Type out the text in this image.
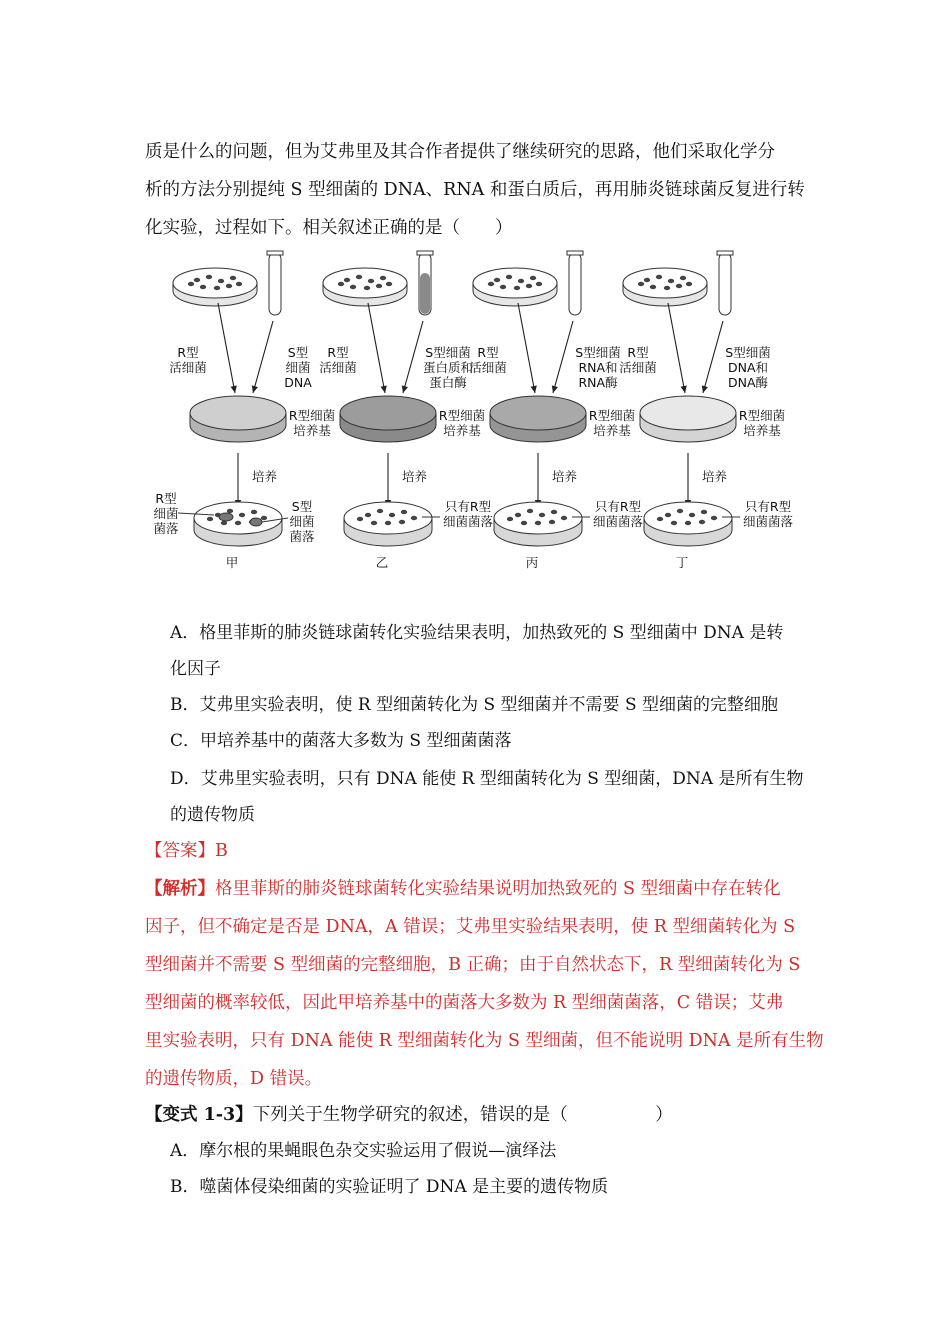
质是什么的问题，但为艾弗里及其合作者提供了继续研究的思路，他们采取化学分
析的方法分别提纯 S 型细菌的 DNA、RNA 和蛋白质后，再用肺炎链球菌反复进行转
化实验，过程如下。相关叙述正确的是（　　）
R型活细菌
S型细菌 DNA
R型细菌培养基
培养
R型细菌菌落
S型细菌菌落
甲
R型活细菌
S型细菌蛋白质和蛋白酶
R型细菌培养基
培养
只有R型细菌菌落
乙
R型活细菌
S型细菌 RNA和 RNA酶
R型细菌培养基
培养
只有R型细菌菌落
丙
R型活细菌
S型细菌 DNA和 DNA酶
R型细菌培养基
培养
只有R型细菌菌落
丁
A．格里菲斯的肺炎链球菌转化实验结果表明，加热致死的 S 型细菌中 DNA 是转
化因子
B．艾弗里实验表明，使 R 型细菌转化为 S 型细菌并不需要 S 型细菌的完整细胞
C．甲培养基中的菌落大多数为 S 型细菌菌落
D．艾弗里实验表明，只有 DNA 能使 R 型细菌转化为 S 型细菌，DNA 是所有生物
的遗传物质
【答案】B
【解析】格里菲斯的肺炎链球菌转化实验结果说明加热致死的 S 型细菌中存在转化
因子，但不确定是否是 DNA，A 错误；艾弗里实验结果表明，使 R 型细菌转化为 S
型细菌并不需要 S 型细菌的完整细胞，B 正确；由于自然状态下，R 型细菌转化为 S
型细菌的概率较低，因此甲培养基中的菌落大多数为 R 型细菌菌落，C 错误；艾弗
里实验表明，只有 DNA 能使 R 型细菌转化为 S 型细菌，但不能说明 DNA 是所有生物
的遗传物质，D 错误。
【变式 1-3】下列关于生物学研究的叙述，错误的是（　　　　　）
A．摩尔根的果蝇眼色杂交实验运用了假说—演绎法
B．噬菌体侵染细菌的实验证明了 DNA 是主要的遗传物质
